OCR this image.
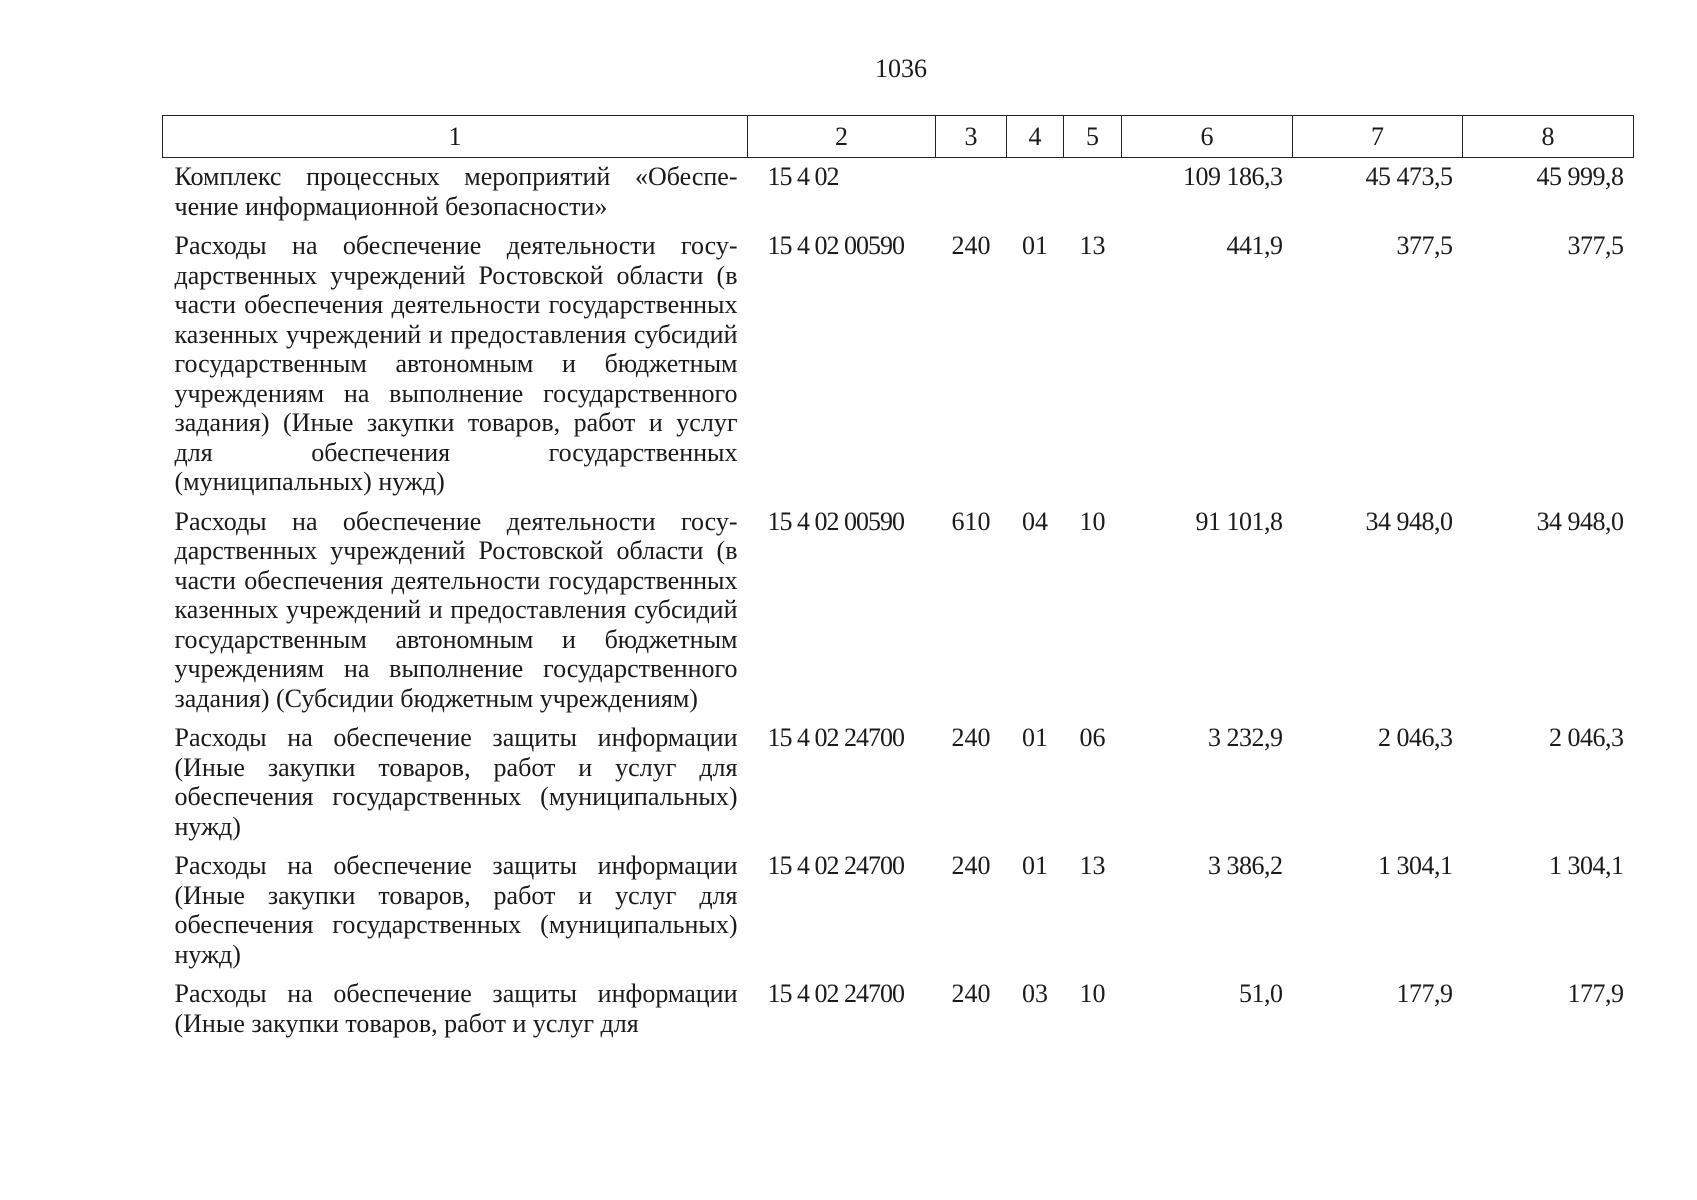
1036
1	2	3	4	5	6	7	8
Комплекс процессных мероприятий «Обеспечение информационной безопасности»	15 4 02				109 186,3	45 473,5	45 999,8
Расходы на обеспечение деятельности государственных учреждений Ростовской области (в части обеспечения деятельности государственных казенных учреждений и предоставления субсидий государственным автономным и бюджетным учреждениям на выполнение государственного задания) (Иные закупки товаров, работ и услуг для обеспечения государственных (муниципальных) нужд)	15 4 02 00590	240	01	13	441,9	377,5	377,5
Расходы на обеспечение деятельности государственных учреждений Ростовской области (в части обеспечения деятельности государственных казенных учреждений и предоставления субсидий государственным автономным и бюджетным учреждениям на выполнение государственного задания) (Субсидии бюджетным учреждениям)	15 4 02 00590	610	04	10	91 101,8	34 948,0	34 948,0
Расходы на обеспечение защиты информации (Иные закупки товаров, работ и услуг для обеспечения государственных (муниципальных) нужд)	15 4 02 24700	240	01	06	3 232,9	2 046,3	2 046,3
Расходы на обеспечение защиты информации (Иные закупки товаров, работ и услуг для обеспечения государственных (муниципальных) нужд)	15 4 02 24700	240	01	13	3 386,2	1 304,1	1 304,1
Расходы на обеспечение защиты информации (Иные закупки товаров, работ и услуг для	15 4 02 24700	240	03	10	51,0	177,9	177,9
